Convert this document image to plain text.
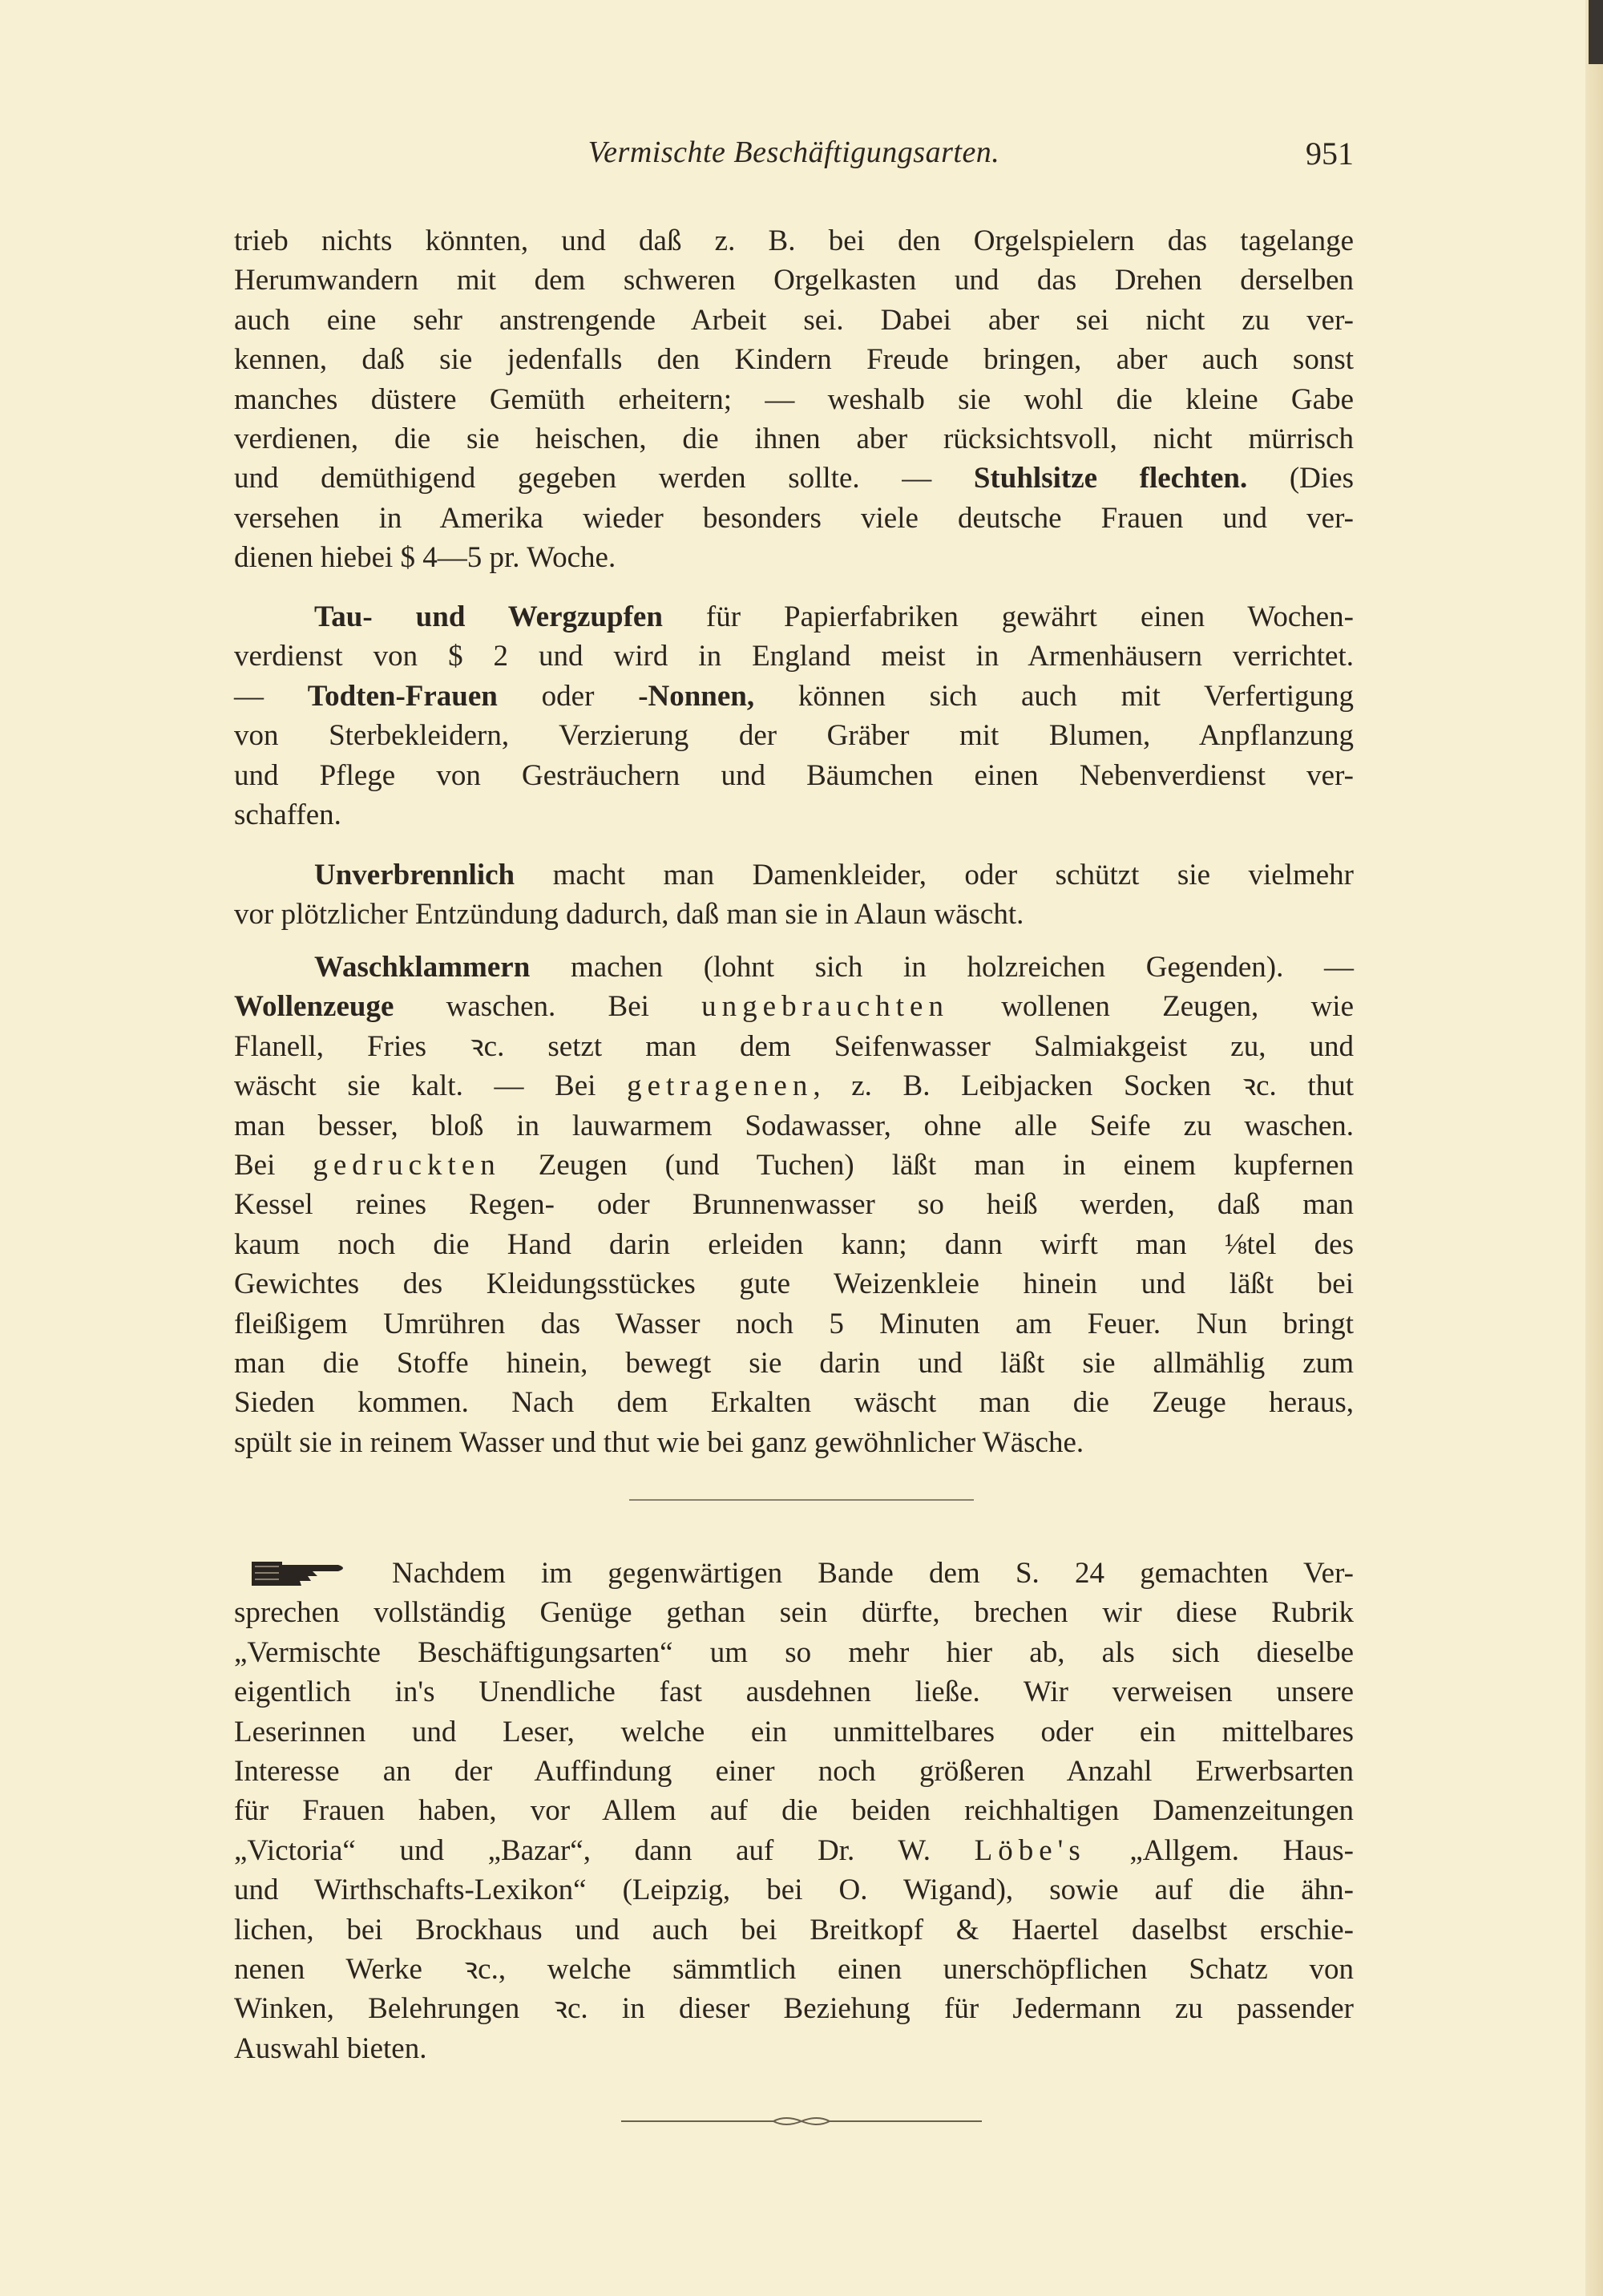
Vermischte Beschäftigungsarten.	951
trieb nichts könnten, und daß z. B. bei den Orgelspielern das tagelange
Herumwandern mit dem schweren Orgelkasten und das Drehen derselben
auch eine sehr anstrengende Arbeit sei. Dabei aber sei nicht zu ver-
kennen, daß sie jedenfalls den Kindern Freude bringen, aber auch sonst
manches düstere Gemüth erheitern; — weshalb sie wohl die kleine Gabe
verdienen, die sie heischen, die ihnen aber rücksichtsvoll, nicht mürrisch
und demüthigend gegeben werden sollte. — Stuhlsitze flechten. (Dies
versehen in Amerika wieder besonders viele deutsche Frauen und ver-
dienen hiebei $ 4—5 pr. Woche.
Tau- und Wergzupfen für Papierfabriken gewährt einen Wochen-
verdienst von $ 2 und wird in England meist in Armenhäusern verrichtet.
— Todten-Frauen oder -Nonnen, können sich auch mit Verfertigung
von Sterbekleidern, Verzierung der Gräber mit Blumen, Anpflanzung
und Pflege von Gesträuchern und Bäumchen einen Nebenverdienst ver-
schaffen.
Unverbrennlich macht man Damenkleider, oder schützt sie vielmehr
vor plötzlicher Entzündung dadurch, daß man sie in Alaun wäscht.
Waschklammern machen (lohnt sich in holzreichen Gegenden). —
Wollenzeuge waschen. Bei ungebrauchten wollenen Zeugen, wie
Flanell, Fries ꝛc. setzt man dem Seifenwasser Salmiakgeist zu, und
wäscht sie kalt. — Bei getragenen, z. B. Leibjacken Socken ꝛc. thut
man besser, bloß in lauwarmem Sodawasser, ohne alle Seife zu waschen.
Bei gedruckten Zeugen (und Tuchen) läßt man in einem kupfernen
Kessel reines Regen- oder Brunnenwasser so heiß werden, daß man
kaum noch die Hand darin erleiden kann; dann wirft man ⅛tel des
Gewichtes des Kleidungsstückes gute Weizenkleie hinein und läßt bei
fleißigem Umrühren das Wasser noch 5 Minuten am Feuer. Nun bringt
man die Stoffe hinein, bewegt sie darin und läßt sie allmählig zum
Sieden kommen. Nach dem Erkalten wäscht man die Zeuge heraus,
spült sie in reinem Wasser und thut wie bei ganz gewöhnlicher Wäsche.
Nachdem im gegenwärtigen Bande dem S. 24 gemachten Ver-
sprechen vollständig Genüge gethan sein dürfte, brechen wir diese Rubrik
„Vermischte Beschäftigungsarten“ um so mehr hier ab, als sich dieselbe
eigentlich in's Unendliche fast ausdehnen ließe. Wir verweisen unsere
Leserinnen und Leser, welche ein unmittelbares oder ein mittelbares
Interesse an der Auffindung einer noch größeren Anzahl Erwerbsarten
für Frauen haben, vor Allem auf die beiden reichhaltigen Damenzeitungen
„Victoria“ und „Bazar“, dann auf Dr. W. Löbe's „Allgem. Haus-
und Wirthschafts-Lexikon“ (Leipzig, bei O. Wigand), sowie auf die ähn-
lichen, bei Brockhaus und auch bei Breitkopf & Haertel daselbst erschie-
nenen Werke ꝛc., welche sämmtlich einen unerschöpflichen Schatz von
Winken, Belehrungen ꝛc. in dieser Beziehung für Jedermann zu passender
Auswahl bieten.
